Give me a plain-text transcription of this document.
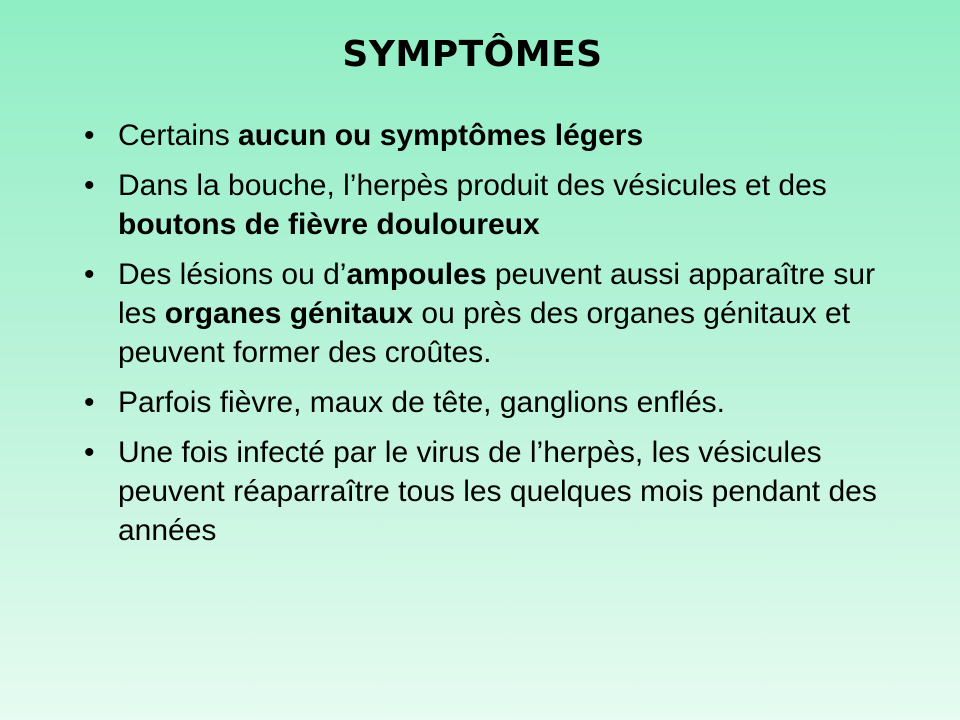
SYMPTÔMES
• Certains aucun ou symptômes légers
• Dans la bouche, l’herpès produit des vésicules et des boutons de fièvre douloureux
• Des lésions ou d’ampoules peuvent aussi apparaître sur les organes génitaux ou près des organes génitaux et peuvent former des croûtes.
• Parfois fièvre, maux de tête, ganglions enflés.
• Une fois infecté par le virus de l’herpès, les vésicules peuvent réaparraître tous les quelques mois pendant des années
